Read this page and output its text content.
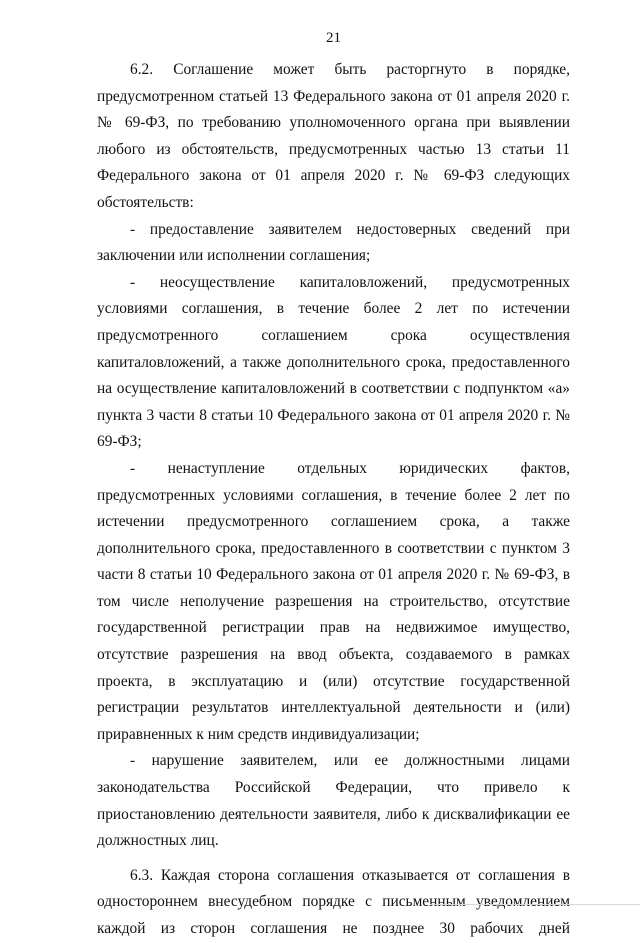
21

6.2. Соглашение может быть расторгнуто в порядке, предусмотренном статьей 13 Федерального закона от 01 апреля 2020 г. № 69-ФЗ, по требованию уполномоченного органа при выявлении любого из обстоятельств, предусмотренных частью 13 статьи 11 Федерального закона от 01 апреля 2020 г. № 69-ФЗ следующих обстоятельств:

- предоставление заявителем недостоверных сведений при заключении или исполнении соглашения;

- неосуществление капиталовложений, предусмотренных условиями соглашения, в течение более 2 лет по истечении предусмотренного соглашением срока осуществления капиталовложений, а также дополнительного срока, предоставленного на осуществление капиталовложений в соответствии с подпунктом «а» пункта 3 части 8 статьи 10 Федерального закона от 01 апреля 2020 г. № 69-ФЗ;

- ненаступление отдельных юридических фактов, предусмотренных условиями соглашения, в течение более 2 лет по истечении предусмотренного соглашением срока, а также дополнительного срока, предоставленного в соответствии с пунктом 3 части 8 статьи 10 Федерального закона от 01 апреля 2020 г. № 69-ФЗ, в том числе неполучение разрешения на строительство, отсутствие государственной регистрации прав на недвижимое имущество, отсутствие разрешения на ввод объекта, создаваемого в рамках проекта, в эксплуатацию и (или) отсутствие государственной регистрации результатов интеллектуальной деятельности и (или) приравненных к ним средств индивидуализации;

- нарушение заявителем, или ее должностными лицами законодательства Российской Федерации, что привело к приостановлению деятельности заявителя, либо к дисквалификации ее должностных лиц.

6.3. Каждая сторона соглашения отказывается от соглашения в одностороннем внесудебном порядке с письменным уведомлением каждой из сторон соглашения не позднее 30 рабочих дней
